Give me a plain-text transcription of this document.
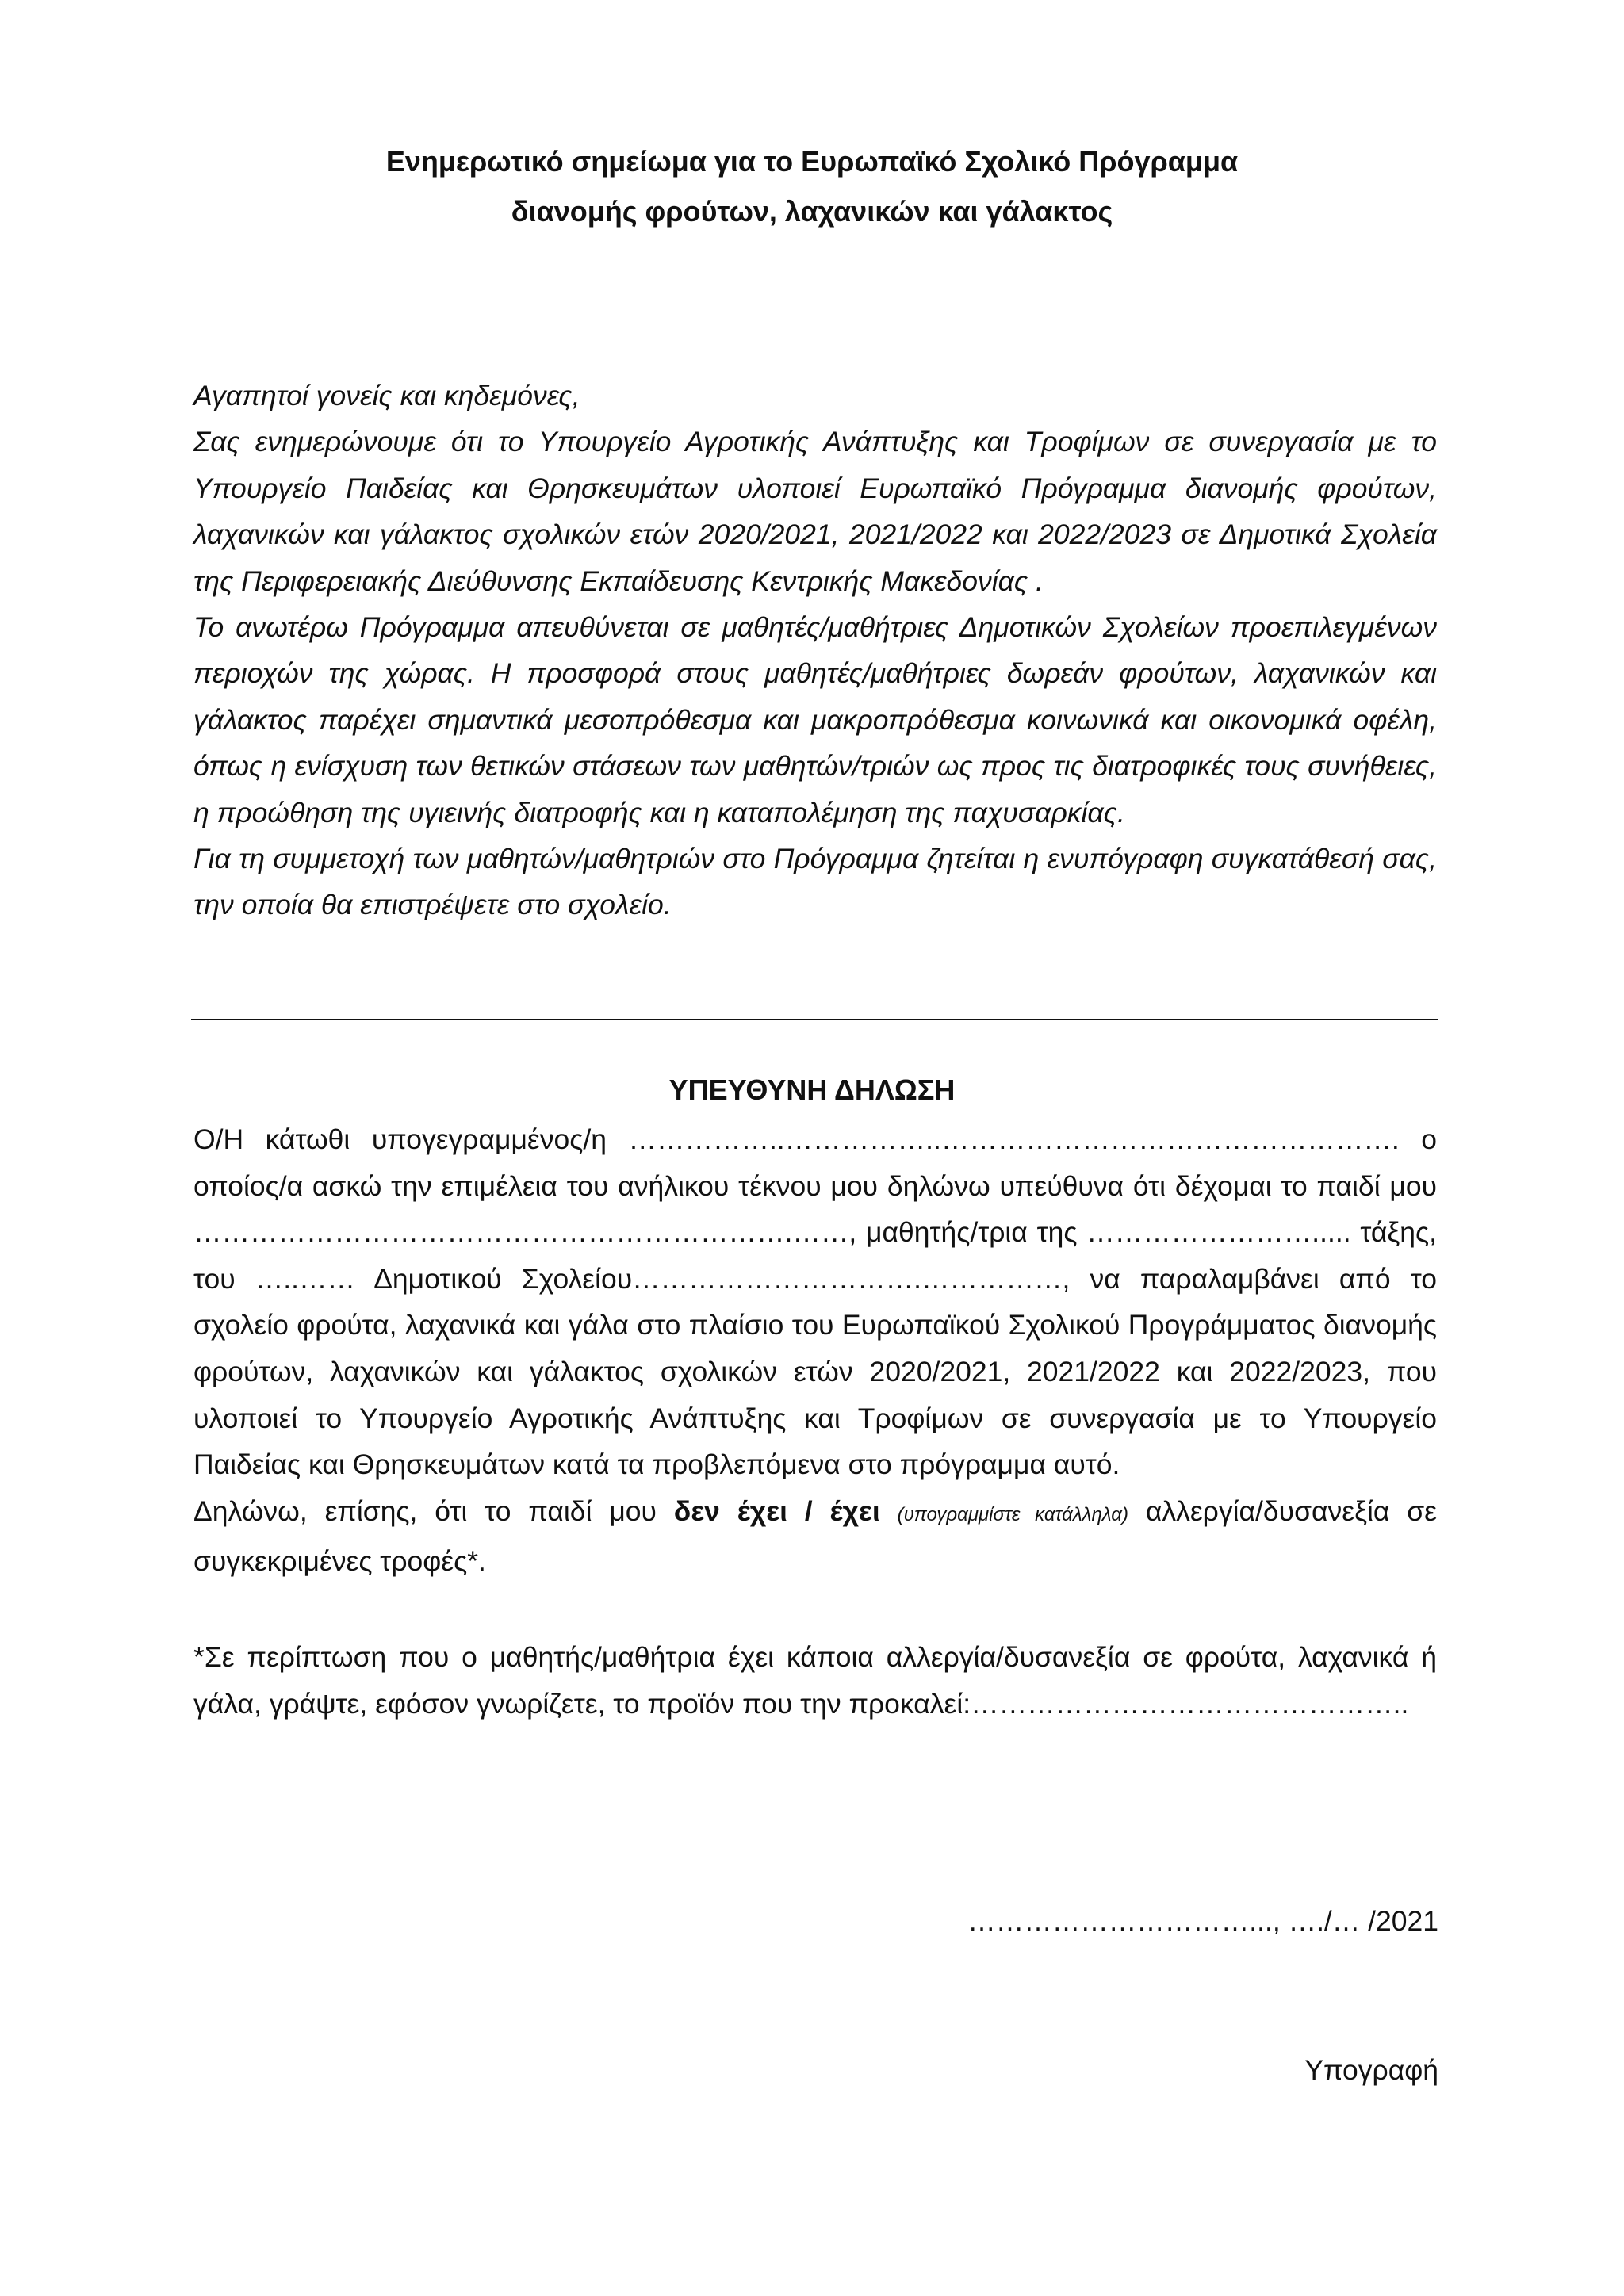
Ενημερωτικό σημείωμα για το Ευρωπαϊκό Σχολικό Πρόγραμμα
διανομής φρούτων, λαχανικών και γάλακτος

Αγαπητοί γονείς και κηδεμόνες,

Σας ενημερώνουμε ότι το Υπουργείο Αγροτικής Ανάπτυξης και Τροφίμων σε συνεργασία με το Υπουργείο Παιδείας και Θρησκευμάτων υλοποιεί Ευρωπαϊκό Πρόγραμμα διανομής φρούτων, λαχανικών και γάλακτος σχολικών ετών 2020/2021, 2021/2022 και 2022/2023 σε Δημοτικά Σχολεία της Περιφερειακής Διεύθυνσης Εκπαίδευσης Κεντρικής Μακεδονίας .

Το ανωτέρω Πρόγραμμα απευθύνεται σε μαθητές/μαθήτριες Δημοτικών Σχολείων προεπιλεγμένων περιοχών της χώρας. Η προσφορά στους μαθητές/μαθήτριες δωρεάν φρούτων, λαχανικών και γάλακτος παρέχει σημαντικά μεσοπρόθεσμα και μακροπρόθεσμα κοινωνικά και οικονομικά οφέλη, όπως η ενίσχυση των θετικών στάσεων των μαθητών/τριών ως προς τις διατροφικές τους συνήθειες, η προώθηση της υγιεινής διατροφής και η καταπολέμηση της παχυσαρκίας.

Για τη συμμετοχή των μαθητών/μαθητριών στο Πρόγραμμα ζητείται η ενυπόγραφη συγκατάθεσή σας, την οποία θα επιστρέψετε στο σχολείο.

ΥΠΕΥΘΥΝΗ ΔΗΛΩΣΗ

Ο/Η κάτωθι υπογεγραμμένος/η ……………..……………..…………………………………………. ο οποίος/α ασκώ την επιμέλεια του ανήλικου τέκνου μου δηλώνω υπεύθυνα ότι δέχομαι το παιδί μου ……………………………………………………….……, μαθητής/τρια της ……………………..... τάξης, του …..…… Δημοτικού Σχολείου………………………….……………, να παραλαμβάνει από το σχολείο φρούτα, λαχανικά και γάλα στο πλαίσιο του Ευρωπαϊκού Σχολικού Προγράμματος διανομής φρούτων, λαχανικών και γάλακτος σχολικών ετών 2020/2021, 2021/2022 και 2022/2023, που υλοποιεί το Υπουργείο Αγροτικής Ανάπτυξης και Τροφίμων σε συνεργασία με το Υπουργείο Παιδείας και Θρησκευμάτων κατά τα προβλεπόμενα στο πρόγραμμα αυτό.

Δηλώνω, επίσης, ότι το παιδί μου δεν έχει / έχει (υπογραμμίστε κατάλληλα) αλλεργία/δυσανεξία σε συγκεκριμένες τροφές*.

*Σε περίπτωση που ο μαθητής/μαθήτρια έχει κάποια αλλεργία/δυσανεξία σε φρούτα, λαχανικά ή γάλα, γράψτε, εφόσον γνωρίζετε, το προϊόν που την προκαλεί:………………………………………..

…………………………..., …./… /2021
Υπογραφή
